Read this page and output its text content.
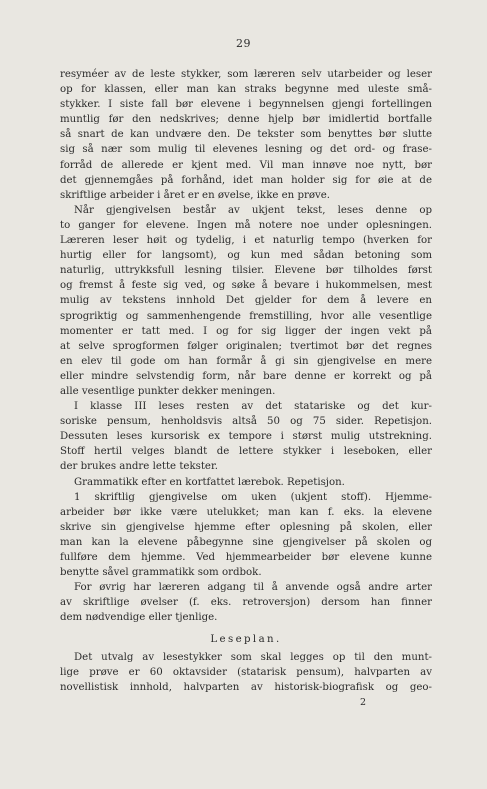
29
resyméer av de leste stykker, som læreren selv utarbeider og leser
op for klassen, eller man kan straks begynne med uleste små-
stykker. I siste fall bør elevene i begynnelsen gjengi fortellingen
muntlig før den nedskrives; denne hjelp bør imidlertid bortfalle
så snart de kan undvære den. De tekster som benyttes bør slutte
sig så nær som mulig til elevenes lesning og det ord- og frase-
forråd de allerede er kjent med. Vil man innøve noe nytt, bør
det gjennemgåes på forhånd, idet man holder sig for øie at de
skriftlige arbeider i året er en øvelse, ikke en prøve.
Når gjengivelsen består av ukjent tekst, leses denne op
to ganger for elevene. Ingen må notere noe under oplesningen.
Læreren leser høit og tydelig, i et naturlig tempo (hverken for
hurtig eller for langsomt), og kun med sådan betoning som
naturlig, uttrykksfull lesning tilsier. Elevene bør tilholdes først
og fremst å feste sig ved, og søke å bevare i hukommelsen, mest
mulig av tekstens innhold Det gjelder for dem å levere en
sprogriktig og sammenhengende fremstilling, hvor alle vesentlige
momenter er tatt med. I og for sig ligger der ingen vekt på
at selve sprogformen følger originalen; tvertimot bør det regnes
en elev til gode om han formår å gi sin gjengivelse en mere
eller mindre selvstendig form, når bare denne er korrekt og på
alle vesentlige punkter dekker meningen.
I klasse III leses resten av det statariske og det kur-
soriske pensum, henholdsvis altså 50 og 75 sider. Repetisjon.
Dessuten leses kursorisk ex tempore i størst mulig utstrekning.
Stoff hertil velges blandt de lettere stykker i leseboken, eller
der brukes andre lette tekster.
Grammatikk efter en kortfattet lærebok. Repetisjon.
1 skriftlig gjengivelse om uken (ukjent stoff). Hjemme-
arbeider bør ikke være utelukket; man kan f. eks. la elevene
skrive sin gjengivelse hjemme efter oplesning på skolen, eller
man kan la elevene påbegynne sine gjengivelser på skolen og
fullføre dem hjemme. Ved hjemmearbeider bør elevene kunne
benytte såvel grammatikk som ordbok.
For øvrig har læreren adgang til å anvende også andre arter
av skriftlige øvelser (f. eks. retroversjon) dersom han finner
dem nødvendige eller tjenlige.
Leseplan.
Det utvalg av lesestykker som skal legges op til den munt-
lige prøve er 60 oktavsider (statarisk pensum), halvparten av
novellistisk innhold, halvparten av historisk-biografisk og geo-
2
